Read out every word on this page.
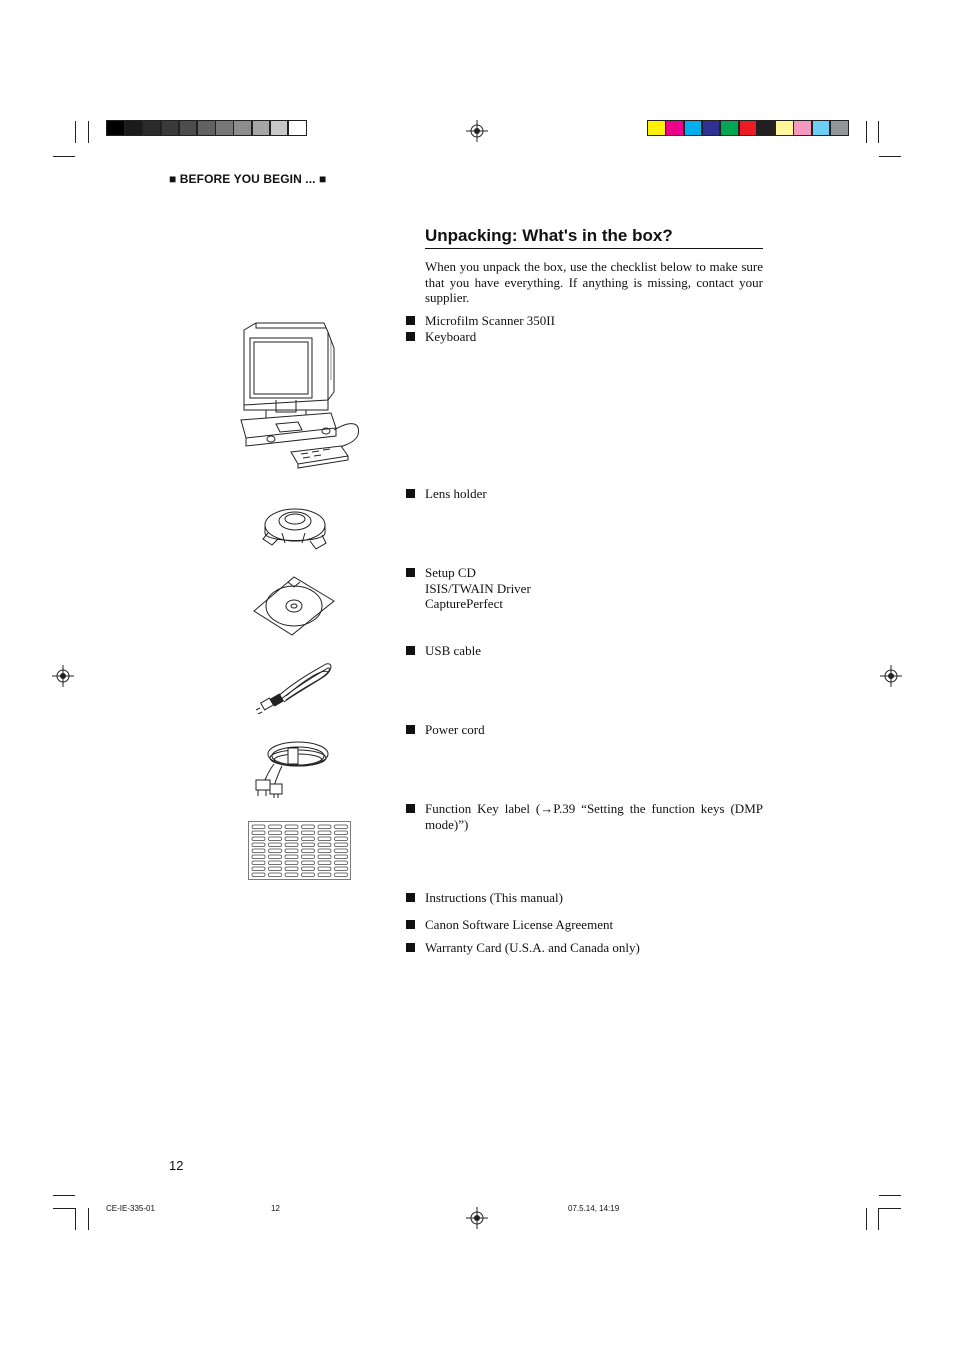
■ BEFORE YOU BEGIN ... ■
Unpacking: What's in the box?
When you unpack the box, use the checklist below to make sure that you have everything. If anything is missing, contact your supplier.
Microfilm Scanner 350II
Keyboard
Lens holder
Setup CD
ISIS/TWAIN Driver
CapturePerfect
USB cable
Power cord
Function Key label (→P.39 “Setting the function keys (DMP mode)”)
Instructions (This manual)
Canon Software License Agreement
Warranty Card (U.S.A. and Canada only)
12
CE-IE-335-01	12	07.5.14, 14:19
